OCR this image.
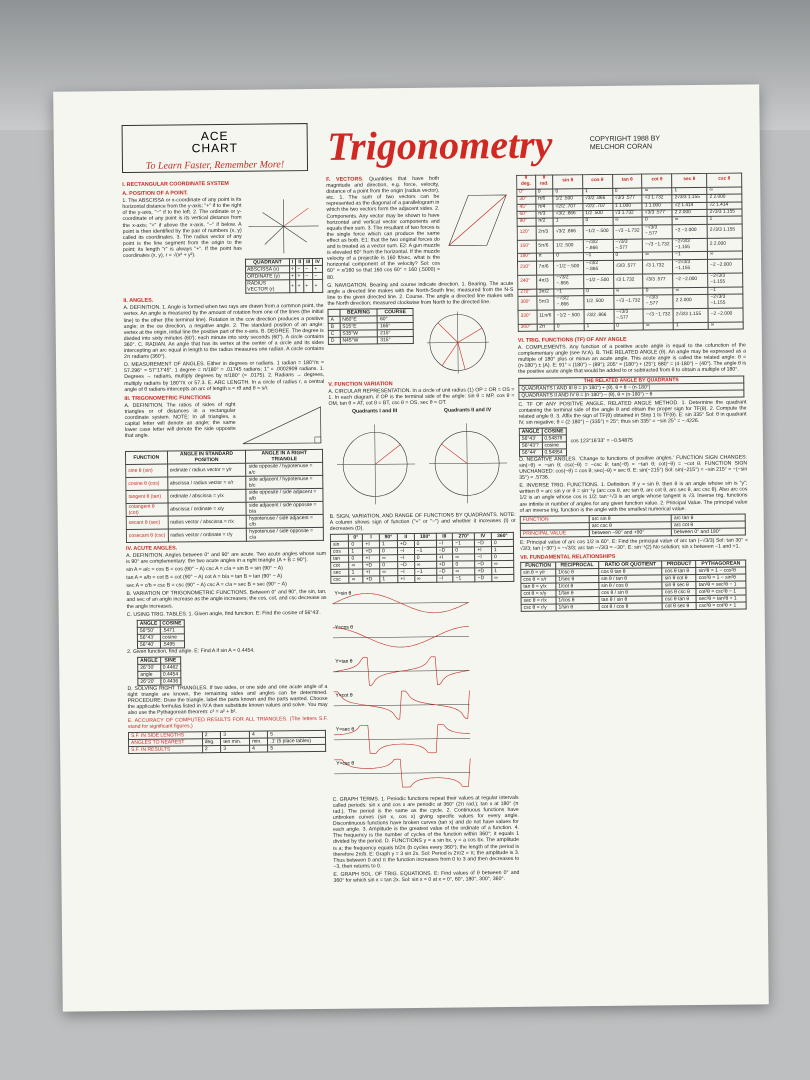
ACE
CHART
To Learn Faster, Remember More!	Trigonometry	COPYRIGHT 1988 BY
MELCHOR CORAN
I. RECTANGULAR COORDINATE SYSTEM
A. POSITION OF A POINT.
1. The ABSCISSA or x-coordinate of any point is its horizontal distance from the y-axis; "+" if to the right of the y-axis, "−" if to the left. 2. The ordinate or y-coordinate of any point is its vertical distance from the x-axis; "+" if above the x-axis, "−" if below. A point is then identified by the pair of numbers (x, y) called its coordinates. 3. The radius vector of any point is the line segment from the origin to the point; its length "r" is always "+". If the point has coordinates (x, y), r = √(x² + y²).
QUADRANT	I	II	III	IV
ABSCISSA (x)	+	−	−	+
ORDINATE (y)	+	+	−	−
RADIUS VECTOR (r)	+	+	+	+
II. ANGLES.
A. DEFINITION. 1. Angle is formed when two rays are drawn from a common point, the vertex. An angle is measured by the amount of rotation from one of the lines (the initial line) to the other (the terminal line). Rotation in the ccw direction produces a positive angle; in the cw direction, a negative angle. 2. The standard position of an angle: vertex at the origin, initial line the positive part of the x-axis. B. DEGREE. The degree is divided into sixty minutes (60'); each minute into sixty seconds (60"). A circle contains 360°. C. RADIAN. An angle that has its vertex at the center of a circle and its sides intercepting an arc equal in length to the radius measures one radian. A circle contains 2π radians (360°).
D. MEASUREMENT OF ANGLES. Either in degrees or radians. 1 radian = 180°/π = 57.296° = 57°17'45". 1 degree = π/180° = .01745 radians; 1" = .0002909 radians. 1. Degrees → radians, multiply degrees by π/180° (= .0175). 2. Radians → degrees, multiply radians by 180°/π or 57.3. E. ARC LENGTH. In a circle of radius r, a central angle of θ radians intercepts an arc of length s = rθ and θ = s/r.
III. TRIGONOMETRIC FUNCTIONS
A. DEFINITION. The ratios of sides of right triangles or of distances in a rectangular coordinate system. NOTE: In all triangles, a capital letter will denote an angle; the same lower case letter will denote the side opposite that angle.
FUNCTION	ANGLE IN STANDARD POSITION	ANGLE IN A RIGHT TRIANGLE
sine θ (sin)	ordinate / radius vector = y/r	side opposite / hypotenuse = a/c
cosine θ (cos)	abscissa / radius vector = x/r	side adjacent / hypotenuse = b/c
tangent θ (tan)	ordinate / abscissa = y/x	side opposite / side adjacent = a/b
cotangent θ (cot)	abscissa / ordinate = x/y	side adjacent / side opposite = b/a
secant θ (sec)	radius vector / abscissa = r/x	hypotenuse / side adjacent = c/b
cosecant θ (csc)	radius vector / ordinate = r/y	hypotenuse / side opposite = c/a
IV. ACUTE ANGLES.
A. DEFINITION. Angles between 0° and 90° are acute. Two acute angles whose sum is 90° are complementary: the two acute angles in a right triangle (A + B = 90°).
sin A = a/c = cos B = cos (90° − A) csc A = c/a = sin B = sin (90° − A)
tan A = a/b = cot B = cot (90° − A) cot A = b/a = tan B = tan (90° − A)
sec A = c/b = csc B = csc (90° − A) csc A = c/a = sec B = sec (90° − A)
B. VARIATION OF TRIGONOMETRIC FUNCTIONS. Between 0° and 90°, the sin, tan, and sec of an angle increase as the angle increases; the cos, cot, and csc decrease as the angle increases.
C. USING TRIG. TABLES. 1. Given angle, find function. E: Find the cosine of 56°43'.
ANGLE	COSINE
56°50'	.5471
56°43'	cosine
56°40'	.5495
2. Given function, find angle. E: Find A if sin A = 0.4454.
ANGLE	SINE
26°30'	0.4462
angle	0.4454
26°20'	0.4436
D. SOLVING RIGHT TRIANGLES. If two sides, or one side and one acute angle of a right triangle are known, the remaining sides and angles can be determined. PROCEDURE: Draw the triangle, label the parts known and the parts wanted. Choose the applicable formulas listed in IV:A then substitute known values and solve. You may also use the Pythagorean theorem: c² = a² + b².
E. ACCURACY OF COMPUTED RESULTS FOR ALL TRIANGLES. (The letters S.F. stand for significant figures.)
S.F. IN SIDE LENGTHS	2	3	4	5
ANGLES TO NEAREST	deg.	ten min.	min.	.1' (5 place tables)
S.F. IN RESULTS	2	3	4	5
F. VECTORS. Quantities that have both magnitude and direction, e.g. force, velocity, distance of a point from the origin (radius vector), etc. 1. The sum of two vectors can be represented as the diagonal of a parallelogram in which the two vectors form the adjacent sides. 2. Components. Any vector may be shown to have horizontal and vertical vector components and equals their sum. 3. The resultant of two forces is the single force which can produce the same effect as both. E1: that the two original forces do and is treated as a vector sum. E2: A gun muzzle is elevated 60° from the horizontal. If the muzzle velocity of a projectile is 160 ft/sec, what is the horizontal component of the velocity? Sol: cos 60° = x/160 so that 160 cos 60° = 160 (.5000) = 80.
G. NAVIGATION. Bearing and course indicate direction. 1. Bearing. The acute angle a directed line makes with the North-South line; measured from the N-S line to the given directed line. 2. Course. The angle a directed line makes with the North direction; measured clockwise from North to the directed line.
	BEARING	COURSE
A	N60°E	60°
B	S15°E	165°
C	S35°W	215°
D	N45°W	315°
V. FUNCTION VARIATION
A. CIRCULAR REPRESENTATION. In a circle of unit radius (1) OP = OR = OS = 1. In each diagram, if OP is the terminal side of the angle: sin θ = MP, cos θ = OM, tan θ = AT, cot θ = BT, csc θ = OS, sec θ = OT.
Quadrants I and III	Quadrants II and IV
B. SIGN, VARIATION, AND RANGE OF FUNCTIONS BY QUADRANTS. NOTE: A column shows sign of function ("+" or "−") and whether it increases (I) or decreases (D).
	0°	I	90°	II	180°	III	270°	IV	360°
sin	0	+I	1	+D	0	−I	−1	−D	0
cos	1	+D	0	−I	−1	−D	0	+I	1
tan	0	+I	∞	−I	0	+I	∞	−I	0
cot	∞	+D	0	−D	∞	+D	0	−D	∞
sec	1	+I	∞	−I	−1	−D	∞	+D	1
csc	∞	+D	1	+I	∞	−I	−1	−D	∞
Y=sin θ
Y=cos θ
Y=tan θ
Y=cot θ
Y=sec θ
Y=csc θ
C. GRAPH TERMS. 1. Periodic functions repeat their values at regular intervals called periods: sin x and cos x are periodic at 360° (2π rad.); tan x at 180° (π rad.). The period is the same as the cycle. 2. Continuous functions have unbroken curves (sin x, cos x) giving specific values for every angle. Discontinuous functions have broken curves (tan x) and do not have values for each angle. 3. Amplitude is the greatest value of the ordinate of a function. 4. The frequency is the number of cycles of the function within 360°; it equals 1 divided by the period. D. FUNCTIONS y = a sin bx, y = a cos bx. The amplitude is a; the frequency equals b/2π (b cycles every 360°); the length of the period is therefore 2π/b. E: Graph y = 3 sin 2x. Sol: Period is 2π/2 = π; the amplitude is 3. Thus between 0 and π the function increases from 0 to 3 and then decreases to −3, then returns to 0.
E. GRAPH SOL. OF TRIG. EQUATIONS. E: Find values of θ between 0° and 360° for which sin x = tan 2x. Sol: sin x = 0 at x = 0°, 60°, 180°, 300°, 360°.
θ deg.	θ rad.	sin θ	cos θ	tan θ	cot θ	sec θ	csc θ
0°	0	0	1	0	∞	1	∞
30°	π/6	1/2 .500	√3/2 .866	√3/3 .577	√3 1.732	2√3/3 1.155	2 2.000
45°	π/4	√2/2 .707	√2/2 .707	1 1.000	1 1.000	√2 1.414	√2 1.414
60°	π/3	√3/2 .866	1/2 .500	√3 1.732	√3/3 .577	2 2.000	2√3/3 1.155
90°	π/2	1	0	∞	0	∞	1
120°	2π/3	√3/2 .866	−1/2 −.500	−√3 −1.732	−√3/3 −.577	−2 −2.000	2√3/3 1.155
150°	5π/6	1/2 .500	−√3/2 −.866	−√3/3 −.577	−√3 −1.732	−2√3/3 −1.155	2 2.000
180°	π	0	−1	0	∞	−1	∞
210°	7π/6	−1/2 −.500	−√3/2 −.866	√3/3 .577	√3 1.732	−2√3/3 −1.155	−2 −2.000
240°	4π/3	−√3/2 −.866	−1/2 −.500	√3 1.732	√3/3 .577	−2 −2.000	−2√3/3 −1.155
270°	3π/2	−1	0	∞	0	∞	−1
300°	5π/3	−√3/2 −.866	1/2 .500	−√3 −1.732	−√3/3 −.577	2 2.000	−2√3/3 −1.155
330°	11π/6	−1/2 −.500	√3/2 .866	−√3/3 −.577	−√3 −1.732	2√3/3 1.155	−2 −2.000
360°	2π	0	1	0	∞	1	∞
VI. TRIG. FUNCTIONS (TF) OF ANY ANGLE
A. COMPLEMENTS. Any function of a positive acute angle is equal to the cofunction of the complementary angle (see IV:A). B. THE RELATED ANGLE (θ). An angle may be expressed as a multiple of 180° plus or minus an acute angle. This acute angle is called the related angle: θ = (n·180°) ± (A). E: 91° = (180°) − (89°); 205° = (180°) + (25°); 680° = (4·180°) − (40°). The angle θ is the positive acute angle that would be added to or subtracted from θ to obtain a multiple of 180°.
THE RELATED ANGLE BY QUADRANTS
QUADRANTS I AND III θ = (n·180°) + (θ), θ = θ − (n·180°)
QUADRANTS II AND IV θ = (n·180°) − (θ), θ = (n·180°) − θ
C. TF OF ANY POSITIVE ANGLE, RELATED ANGLE METHOD. 1. Determine the quadrant containing the terminal side of the angle θ and obtain the proper sign for TF(θ). 2. Compute the related angle θ. 3. Affix the sign of TF(θ) obtained in Step 1 to TF(θ). E: sin 335° Sol: θ in quadrant IV, sin negative; θ = (2·180°) − (335°) = 25°; thus sin 335° = −sin 25° = −.4226.
ANGLE	COSINE
56°43'	0.54878
56°43'?	cosine
56°44'	0.54854
cos 123°16'33" = −0.54875
D. NEGATIVE ANGLES. 'Change to functions of positive angles.' FUNCTION SIGN CHANGES: sin(−θ) = −sin θ; csc(−θ) = −csc θ; tan(−θ) = −tan θ; cot(−θ) = −cot θ. FUNCTION SIGN UNCHANGED: cos(−θ) = cos θ; sec(−θ) = sec θ. E: sin(−215°) Sol: sin(−215°) = −sin 215° = −(−sin 35°) = .5736.
E. INVERSE TRIG. FUNCTIONS. 1. Definition. If y = sin θ, then θ is an angle whose sin is "y"; written θ = arc sin y or θ = sin⁻¹y (arc cos θ, arc tan θ, arc cot θ, arc sec θ, arc csc θ). Also arc cos 1/2 is an angle whose cos is 1/2; tan⁻¹√3 is an angle whose tangent is √3. Inverse trig. functions are infinite in number of angles for any given function value. 2. Principal Value. The principal value of an inverse trig. function is the angle with the smallest numerical value.
FUNCTION	arc sin θ	arc tan θ
	arc csc θ	arc cot θ
PRINCIPAL VALUE	between −90° and +90°	between 0° and 180°
E: Principal value of arc cos 1/2 is 60°. E: Find the principal value of arc tan (−√3/3) Sol: tan 30° = √3/3; tan (−30°) = −√3/3; arc tan −√3/3 = −30°. E: sin⁻¹(2) No solution; sin x between −1 and +1.
VII. FUNDAMENTAL RELATIONSHIPS
FUNCTION	RECIPROCAL	RATIO OR QUOTIENT	PRODUCT	PYTHAGOREAN
sin θ = y/r	1/csc θ	cos θ tan θ	cos θ tan θ	sin²θ = 1 − cos²θ
cos θ = x/r	1/sec θ	sin θ / tan θ	sin θ cot θ	cos²θ = 1 − sin²θ
tan θ = y/x	1/cot θ	sin θ / cos θ	sin θ sec θ	tan²θ = sec²θ − 1
cot θ = x/y	1/tan θ	cos θ / sin θ	cos θ csc θ	cot²θ = csc²θ − 1
sec θ = r/x	1/cos θ	tan θ / sin θ	csc θ tan θ	sec²θ = tan²θ + 1
csc θ = r/y	1/sin θ	cot θ / cos θ	cot θ sec θ	csc²θ = cot²θ + 1
